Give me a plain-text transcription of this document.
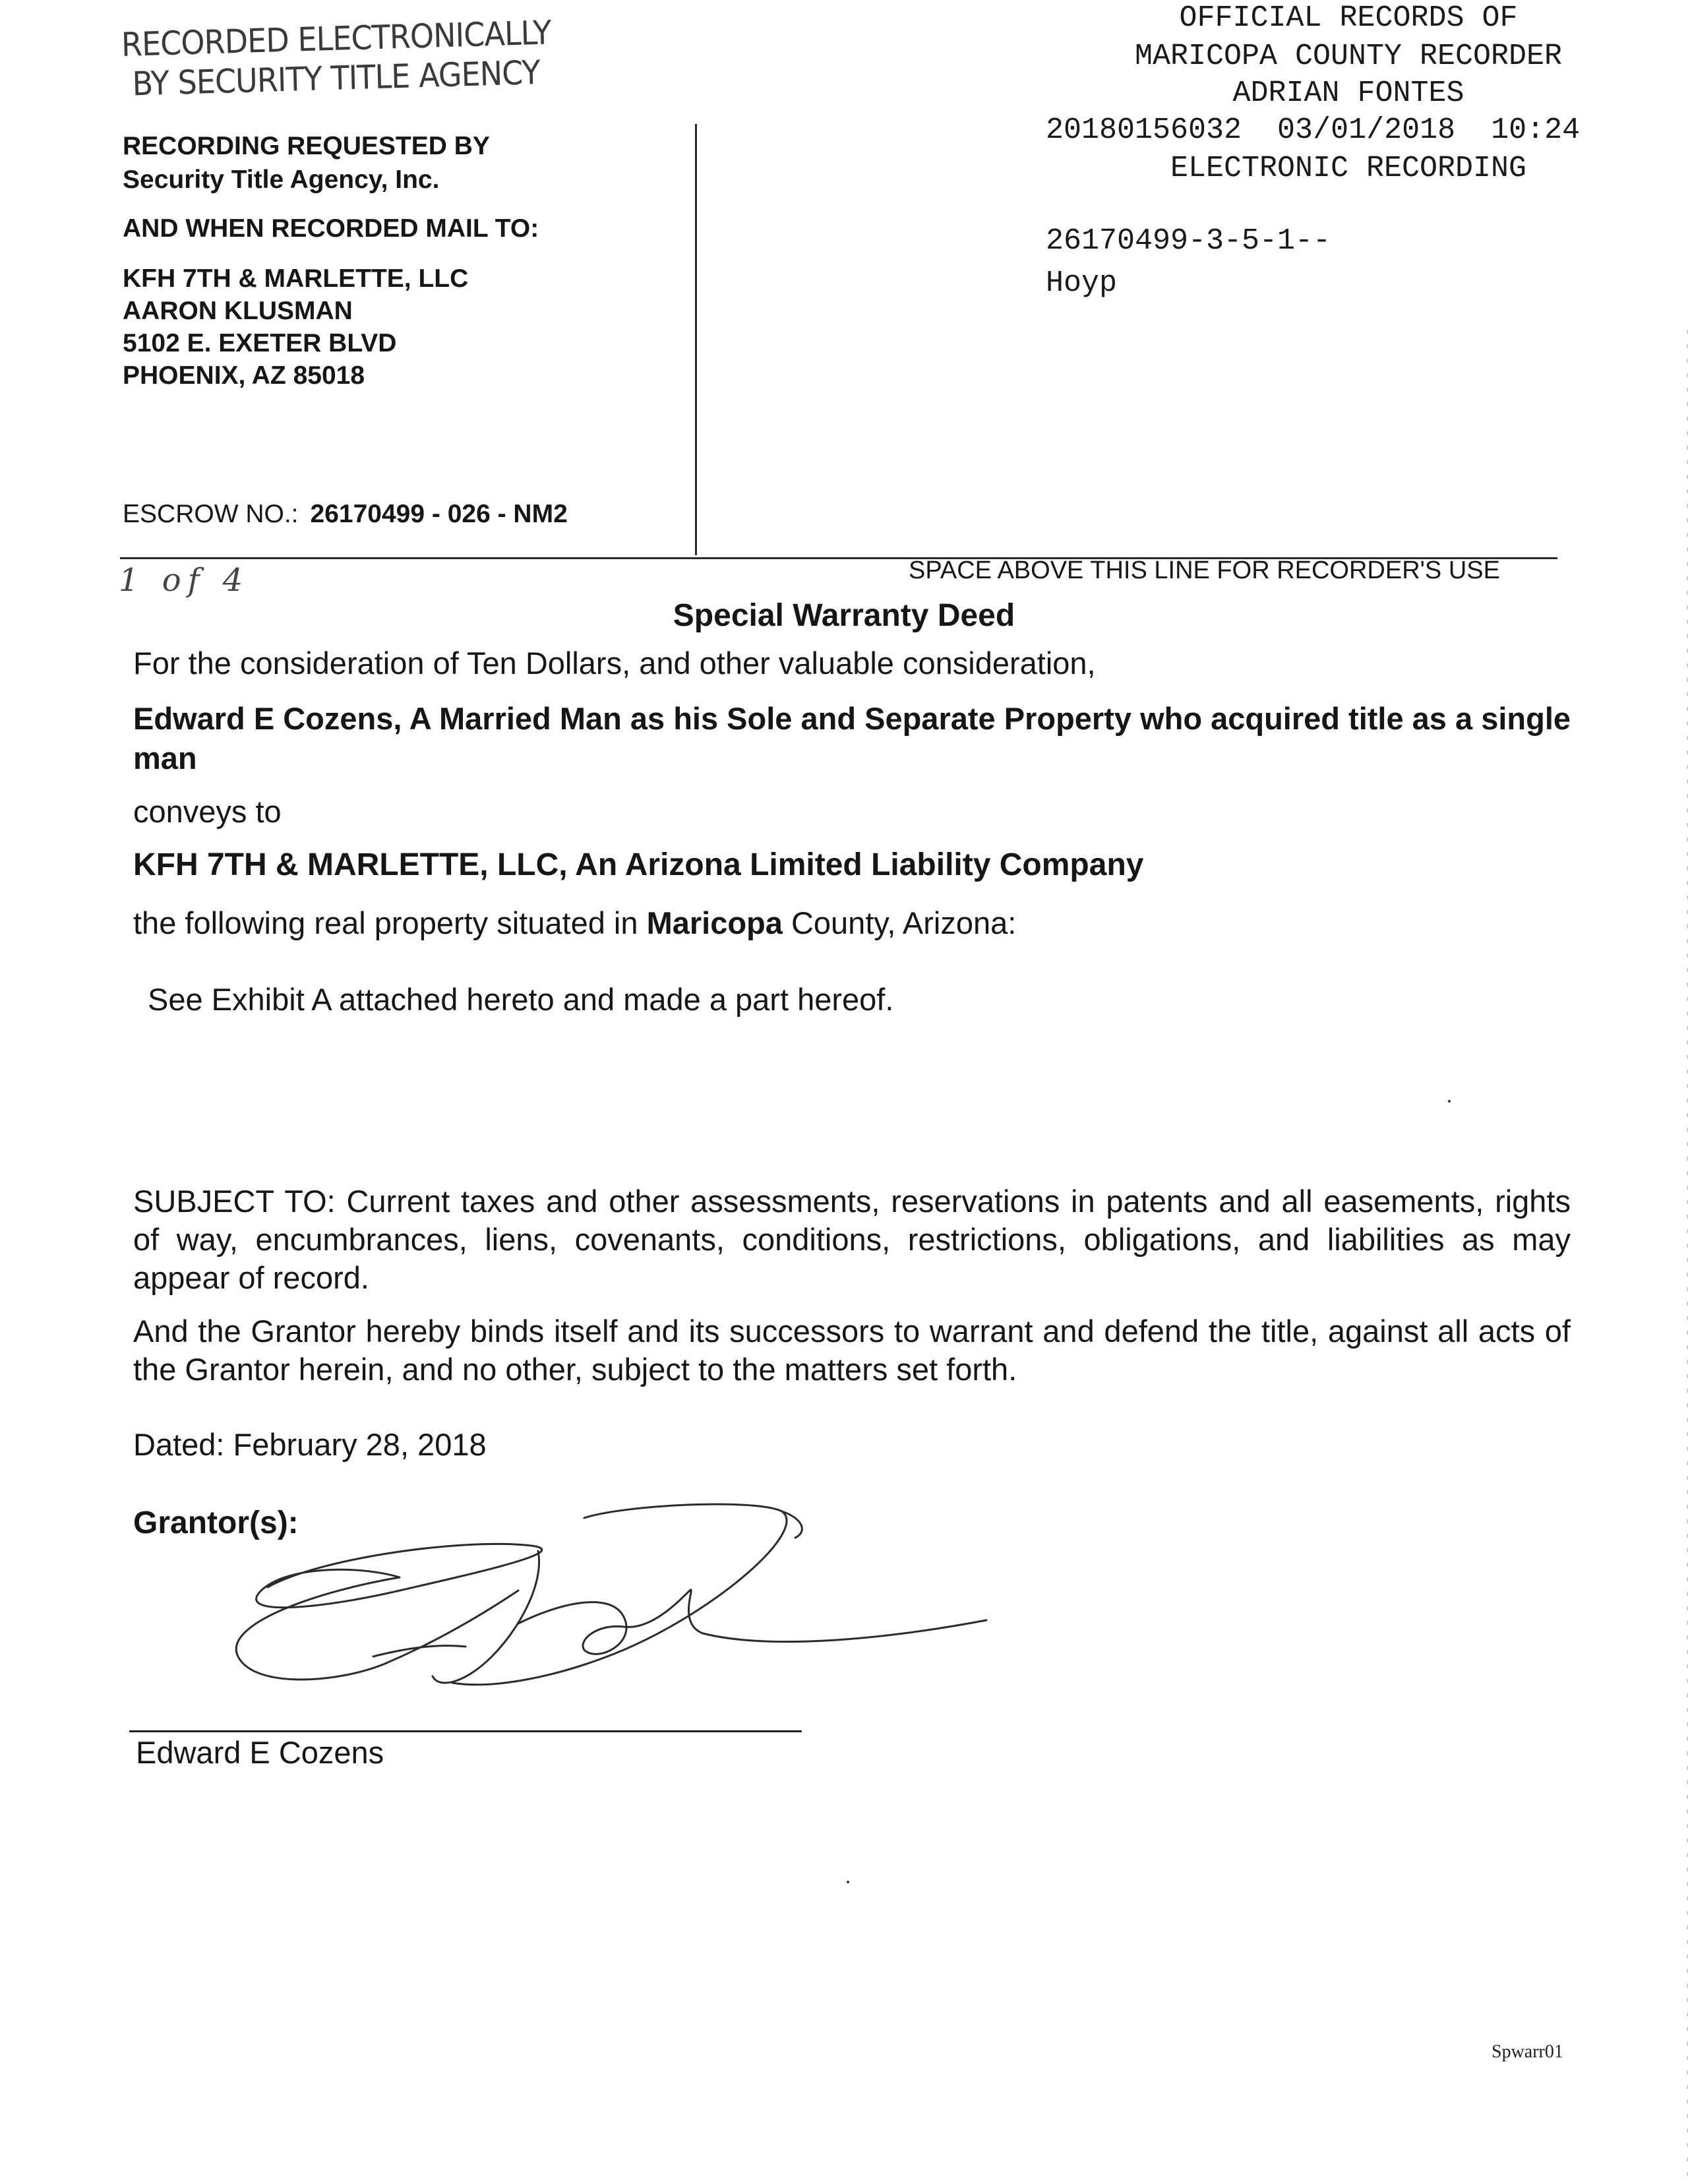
RECORDED ELECTRONICALLY
BY SECURITY TITLE AGENCY
RECORDING REQUESTED BY
Security Title Agency, Inc.
AND WHEN RECORDED MAIL TO:
KFH 7TH & MARLETTE, LLC
AARON KLUSMAN
5102 E. EXETER BLVD
PHOENIX, AZ 85018
ESCROW NO.: 26170499 - 026 - NM2
OFFICIAL RECORDS OF
MARICOPA COUNTY RECORDER
ADRIAN FONTES
20180156032  03/01/2018  10:24
ELECTRONIC RECORDING
26170499-3-5-1--
Hoyp
1 of 4	SPACE ABOVE THIS LINE FOR RECORDER'S USE
Special Warranty Deed
For the consideration of Ten Dollars, and other valuable consideration,
Edward E Cozens, A Married Man as his Sole and Separate Property who acquired title as a single man
conveys to
KFH 7TH & MARLETTE, LLC, An Arizona Limited Liability Company
the following real property situated in Maricopa County, Arizona:
See Exhibit A attached hereto and made a part hereof.
SUBJECT TO: Current taxes and other assessments, reservations in patents and all easements, rights of way, encumbrances, liens, covenants, conditions, restrictions, obligations, and liabilities as may appear of record.
And the Grantor hereby binds itself and its successors to warrant and defend the title, against all acts of the Grantor herein, and no other, subject to the matters set forth.
Dated: February 28, 2018
Grantor(s):
Edward E Cozens
Spwarr01
